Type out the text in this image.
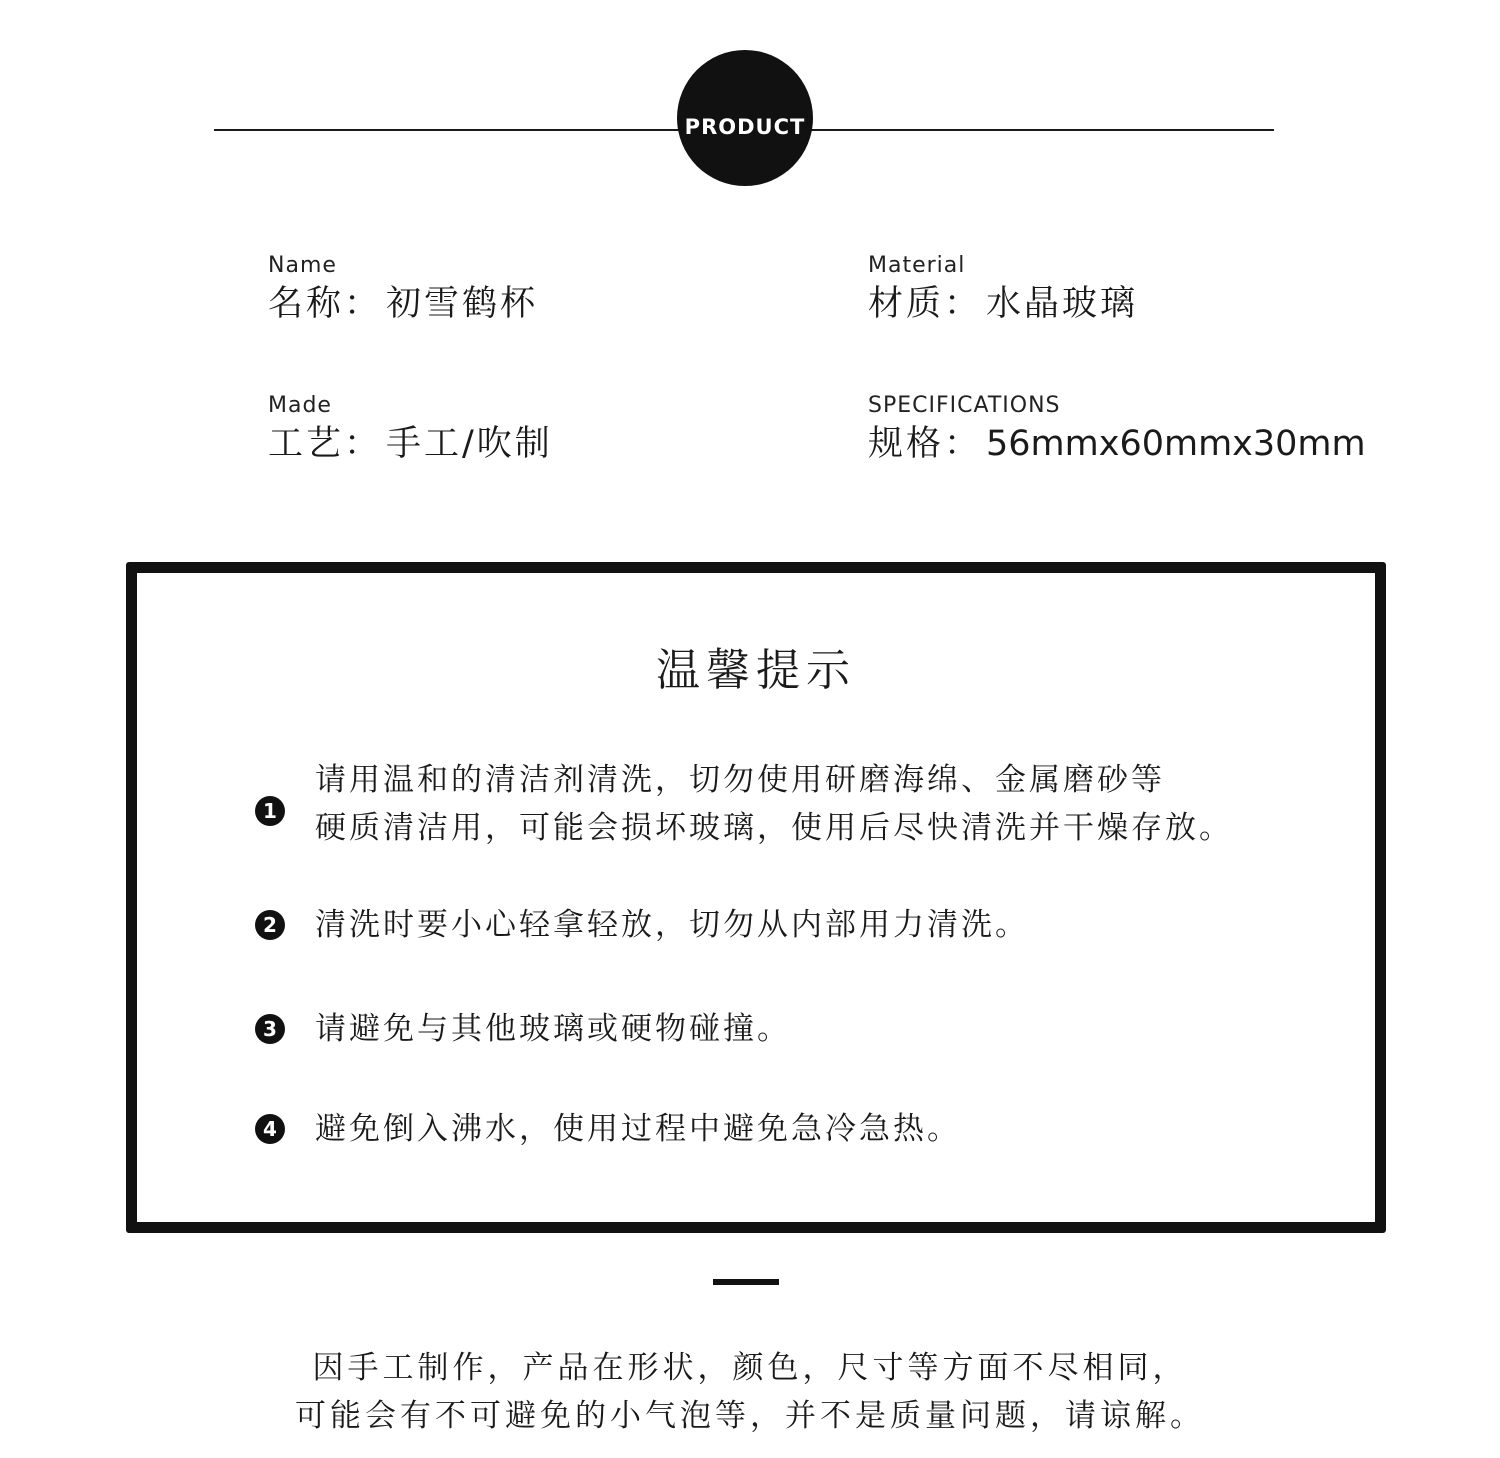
PRODUCT
Name
名称： 初雪鹤杯
Material
材质： 水晶玻璃
Made
工艺： 手工/吹制
SPECIFICATIONS
规格： 56mmx60mmx30mm
温馨提示
1
请用温和的清洁剂清洗，切勿使用研磨海绵、金属磨砂等
硬质清洁用，可能会损坏玻璃，使用后尽快清洗并干燥存放。
2 清洗时要小心轻拿轻放，切勿从内部用力清洗。
3 请避免与其他玻璃或硬物碰撞。
4 避免倒入沸水，使用过程中避免急冷急热。
因手工制作，产品在形状，颜色，尺寸等方面不尽相同，
可能会有不可避免的小气泡等，并不是质量问题，请谅解。
